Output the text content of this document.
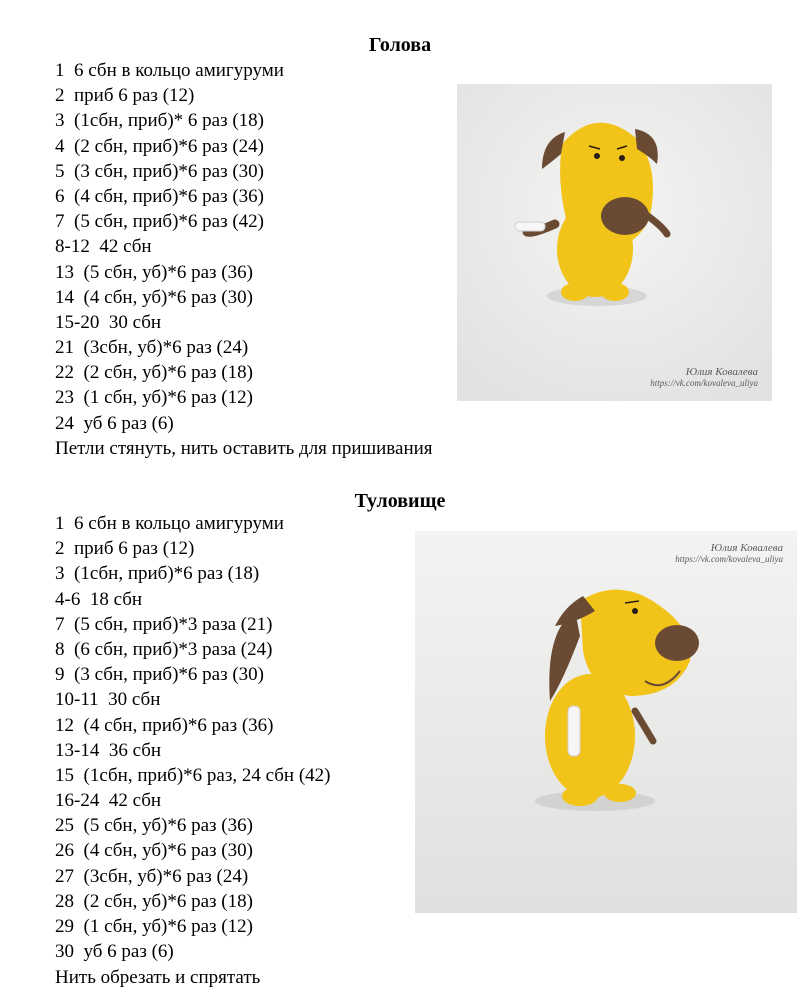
Голова
1 6 сбн в кольцо амигуруми
2 приб 6 раз (12)
3 (1сбн, приб)* 6 раз (18)
4 (2 сбн, приб)*6 раз (24)
5 (3 сбн, приб)*6 раз (30)
6 (4 сбн, приб)*6 раз (36)
7 (5 сбн, приб)*6 раз (42)
8-12 42 сбн
13 (5 сбн, уб)*6 раз (36)
14 (4 сбн, уб)*6 раз (30)
15-20 30 сбн
21 (3сбн, уб)*6 раз (24)
22 (2 сбн, уб)*6 раз (18)
23 (1 сбн, уб)*6 раз (12)
24 уб 6 раз (6)
Петли стянуть, нить оставить для пришивания
Юлия Ковалева
https://vk.com/kovaleva_uliya
Туловище
1 6 сбн в кольцо амигуруми
2 приб 6 раз (12)
3 (1сбн, приб)*6 раз (18)
4-6 18 сбн
7 (5 сбн, приб)*3 раза (21)
8 (6 сбн, приб)*3 раза (24)
9 (3 сбн, приб)*6 раз (30)
10-11 30 сбн
12 (4 сбн, приб)*6 раз (36)
13-14 36 сбн
15 (1сбн, приб)*6 раз, 24 сбн (42)
16-24 42 сбн
25 (5 сбн, уб)*6 раз (36)
26 (4 сбн, уб)*6 раз (30)
27 (3сбн, уб)*6 раз (24)
28 (2 сбн, уб)*6 раз (18)
29 (1 сбн, уб)*6 раз (12)
30 уб 6 раз (6)
Нить обрезать и спрятать
Юлия Ковалева
https://vk.com/kovaleva_uliya
